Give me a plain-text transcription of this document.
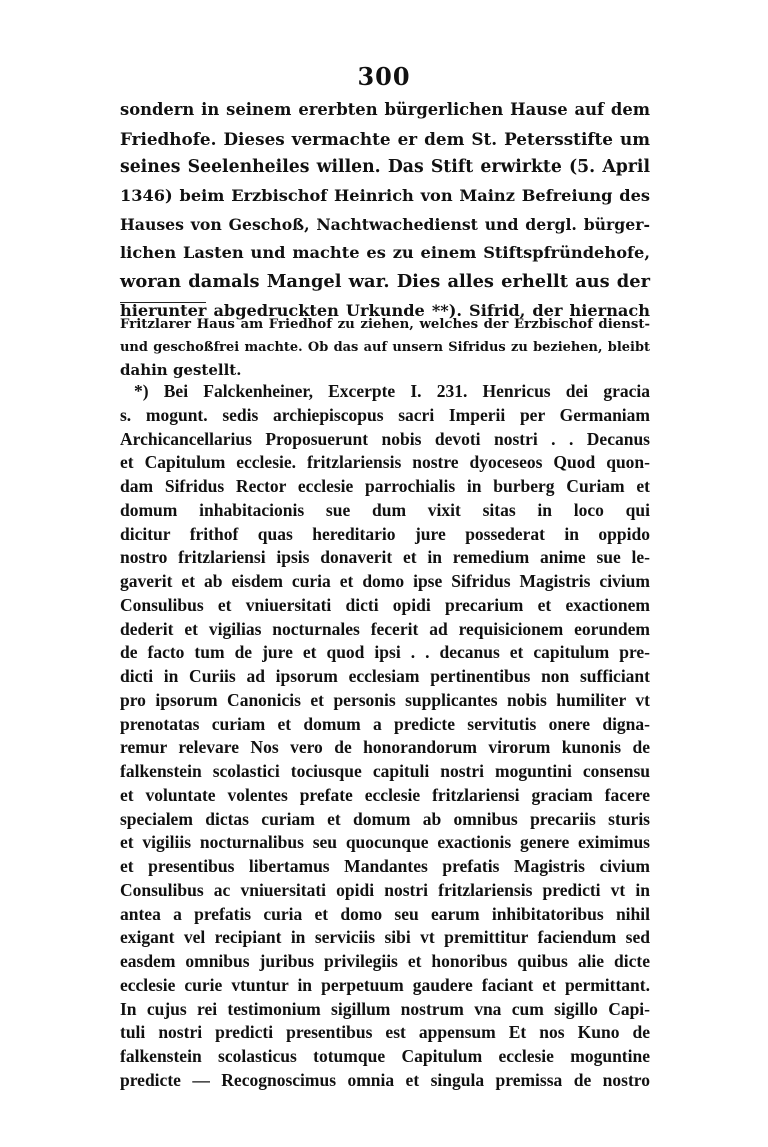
300
sondern in seinem ererbten bürgerlichen Hause auf dem
Friedhofe. Dieses vermachte er dem St. Petersstifte um
seines Seelenheiles willen. Das Stift erwirkte (5. April
1346) beim Erzbischof Heinrich von Mainz Befreiung des
Hauses von Geschoß, Nachtwachedienst und dergl. bürger-
lichen Lasten und machte es zu einem Stiftspfründehofe,
woran damals Mangel war. Dies alles erhellt aus der
hierunter abgedruckten Urkunde **). Sifrid, der hiernach
Fritzlarer Haus am Friedhof zu ziehen, welches der Erzbischof dienst-
und geschoßfrei machte. Ob das auf unsern Sifridus zu beziehen, bleibt
dahin gestellt.
*) Bei Falckenheiner, Excerpte I. 231. Henricus dei gracia
s. mogunt. sedis archiepiscopus sacri Imperii per Germaniam
Archicancellarius Proposuerunt nobis devoti nostri . . Decanus
et Capitulum ecclesie. fritzlariensis nostre dyoceseos Quod quon-
dam Sifridus Rector ecclesie parrochialis in burberg Curiam et
domum inhabitacionis sue dum vixit sitas in loco qui
dicitur frithof quas hereditario jure possederat in oppido
nostro fritzlariensi ipsis donaverit et in remedium anime sue le-
gaverit et ab eisdem curia et domo ipse Sifridus Magistris civium
Consulibus et vniuersitati dicti opidi precarium et exactionem
dederit et vigilias nocturnales fecerit ad requisicionem eorundem
de facto tum de jure et quod ipsi . . decanus et capitulum pre-
dicti in Curiis ad ipsorum ecclesiam pertinentibus non sufficiant
pro ipsorum Canonicis et personis supplicantes nobis humiliter vt
prenotatas curiam et domum a predicte servitutis onere digna-
remur relevare Nos vero de honorandorum virorum kunonis de
falkenstein scolastici tociusque capituli nostri moguntini consensu
et voluntate volentes prefate ecclesie fritzlariensi graciam facere
specialem dictas curiam et domum ab omnibus precariis sturis
et vigiliis nocturnalibus seu quocunque exactionis genere eximimus
et presentibus libertamus Mandantes prefatis Magistris civium
Consulibus ac vniuersitati opidi nostri fritzlariensis predicti vt in
antea a prefatis curia et domo seu earum inhibitatoribus nihil
exigant vel recipiant in serviciis sibi vt premittitur faciendum sed
easdem omnibus juribus privilegiis et honoribus quibus alie dicte
ecclesie curie vtuntur in perpetuum gaudere faciant et permittant.
In cujus rei testimonium sigillum nostrum vna cum sigillo Capi-
tuli nostri predicti presentibus est appensum Et nos Kuno de
falkenstein scolasticus totumque Capitulum ecclesie moguntine
predicte — Recognoscimus omnia et singula premissa de nostro
